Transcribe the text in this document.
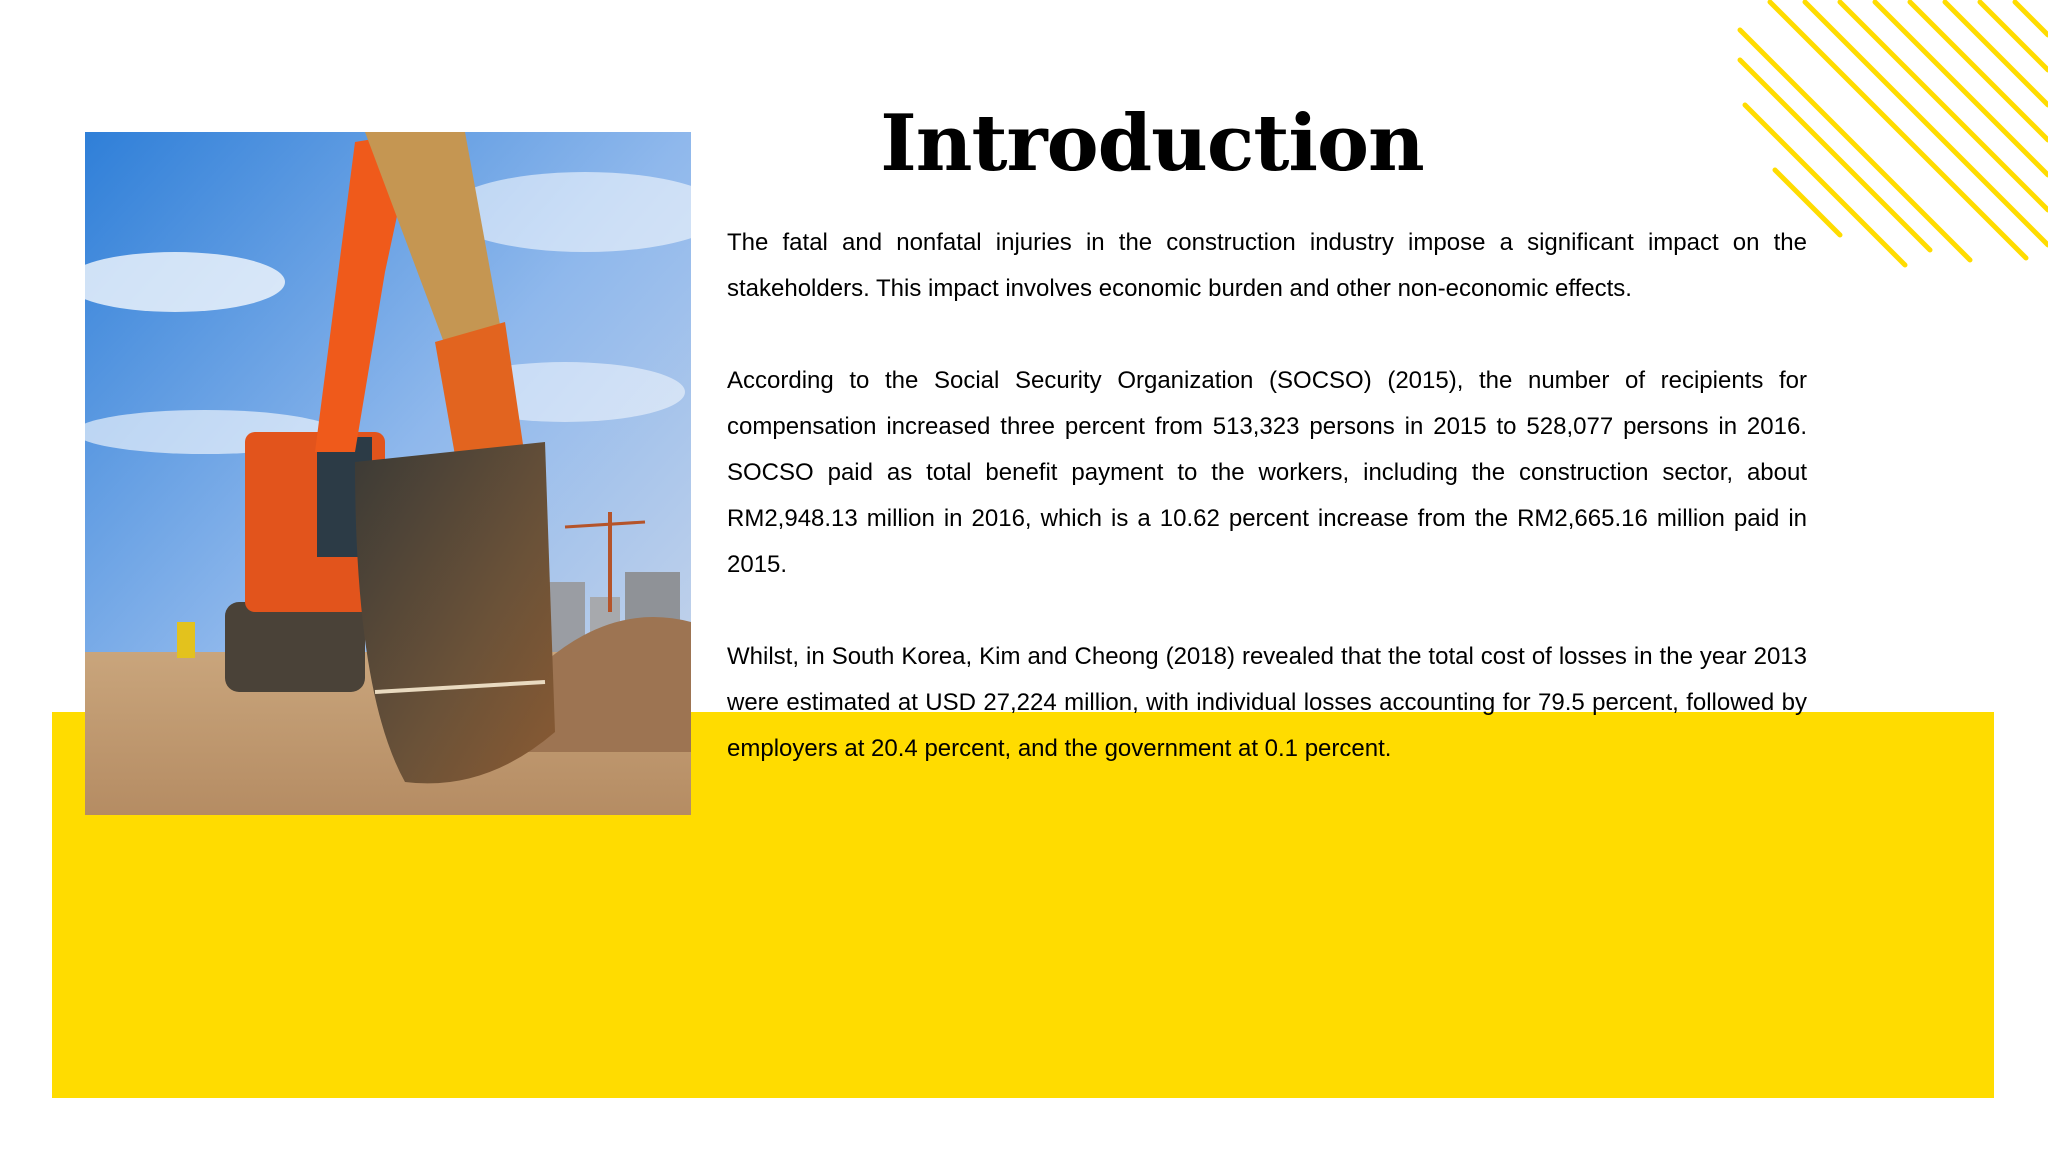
Introduction

The fatal and nonfatal injuries in the construction industry impose a significant impact on the stakeholders. This impact involves economic burden and other non-economic effects.

According to the Social Security Organization (SOCSO) (2015), the number of recipients for compensation increased three percent from 513,323 persons in 2015 to 528,077 persons in 2016. SOCSO paid as total benefit payment to the workers, including the construction sector, about RM2,948.13 million in 2016, which is a 10.62 percent increase from the RM2,665.16 million paid in 2015.

Whilst, in South Korea, Kim and Cheong (2018) revealed that the total cost of losses in the year 2013 were estimated at USD 27,224 million, with individual losses accounting for 79.5 percent, followed by employers at 20.4 percent, and the government at 0.1 percent.
